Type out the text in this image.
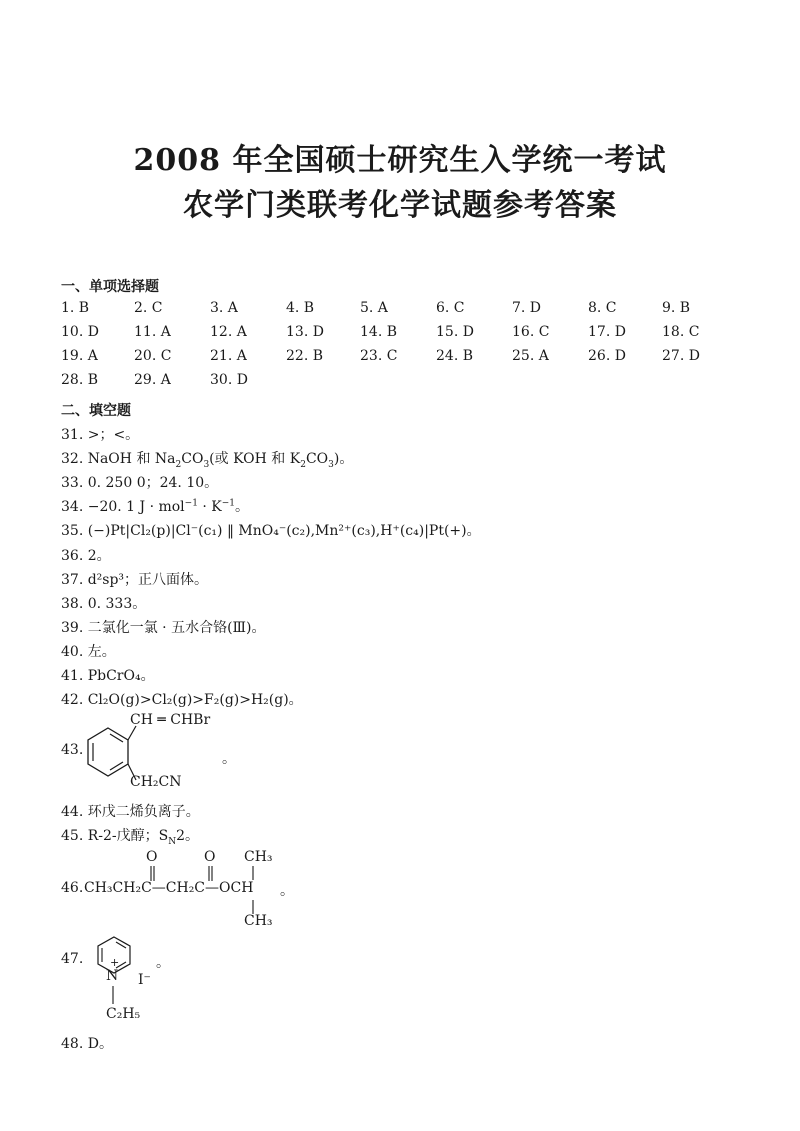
2008 年全国硕士研究生入学统一考试
农学门类联考化学试题参考答案
一、单项选择题
1. B	2. C	3. A	4. B	5. A	6. C	7. D	8. C	9. B
10. D	11. A	12. A	13. D	14. B	15. D	16. C	17. D	18. C
19. A	20. C	21. A	22. B	23. C	24. B	25. A	26. D	27. D
28. B	29. A	30. D
二、填空题
31. >；<。
32. NaOH 和 $Na_2CO_3$(或 KOH 和 $K_2CO_3$)。
33. 0. 250 0；24. 10。
34. −20. 1 $J \cdot mol^{-1} \cdot K^{-1}$。
35. (−)Pt|Cl₂(p)|Cl⁻(c₁) ‖ MnO₄⁻(c₂),Mn²⁺(c₃),H⁺(c₄)|Pt(+)。
36. 2。
37. d²sp³；正八面体。
38. 0. 333。
39. 二氯化一氯 · 五水合铬(Ⅲ)。
40. 左。
41. PbCrO₄。
42. Cl₂O(g)>Cl₂(g)>F₂(g)>H₂(g)。
43.
CH ═ CHBr
CH₂CN
。
44. 环戊二烯负离子。
45. R-2-戊醇；$S_N2$。
O	O CH₃
46. CH₃CH₂C—CH₂C—OCH 。
CH₃
47. +
N I⁻
。
C₂H₅
48. D。
